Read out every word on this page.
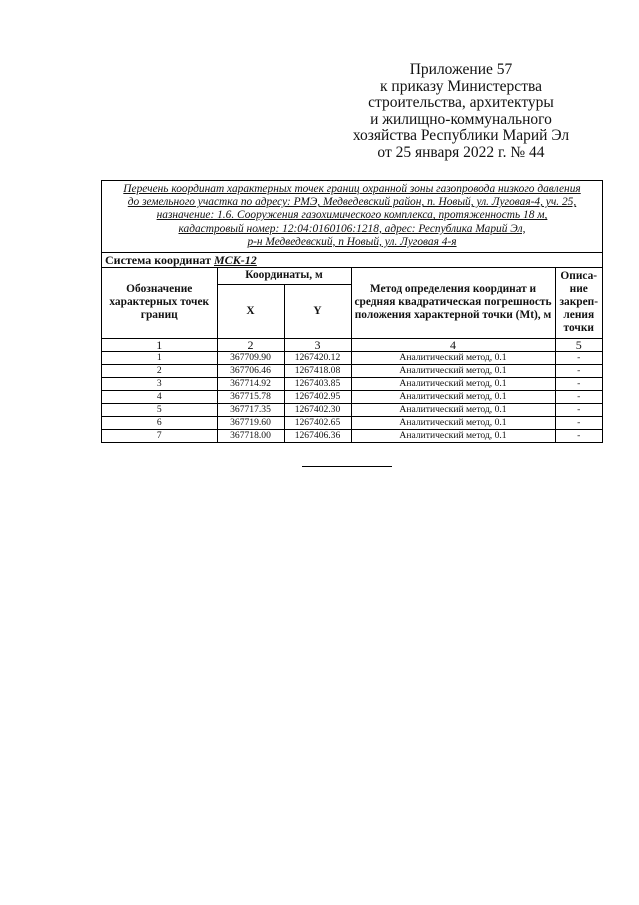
Приложение 57
к приказу Министерства
строительства, архитектуры
и жилищно-коммунального
хозяйства Республики Марий Эл
от 25 января 2022 г. № 44
Перечень координат характерных точек границ охранной зоны газопровода низкого давления
до земельного участка по адресу: РМЭ, Медведевский район, п. Новый, ул. Луговая-4, уч. 25,
назначение: 1.6. Сооружения газохимического комплекса, протяженность 18 м,
кадастровый номер: 12:04:0160106:1218, адрес: Республика Марий Эл,
р-н Медведевский, п Новый, ул. Луговая 4-я
Система координат МСК-12
Обозначение характерных точек границ	Координаты, м		Метод определения координат и средняя квадратическая погрешность положения характерной точки (Mt), м	Описа-ние закреп-ления точки
	X	Y		
1	2	3	4	5
1	367709.90	1267420.12	Аналитический метод, 0.1	-
2	367706.46	1267418.08	Аналитический метод, 0.1	-
3	367714.92	1267403.85	Аналитический метод, 0.1	-
4	367715.78	1267402.95	Аналитический метод, 0.1	-
5	367717.35	1267402.30	Аналитический метод, 0.1	-
6	367719.60	1267402.65	Аналитический метод, 0.1	-
7	367718.00	1267406.36	Аналитический метод, 0.1	-
